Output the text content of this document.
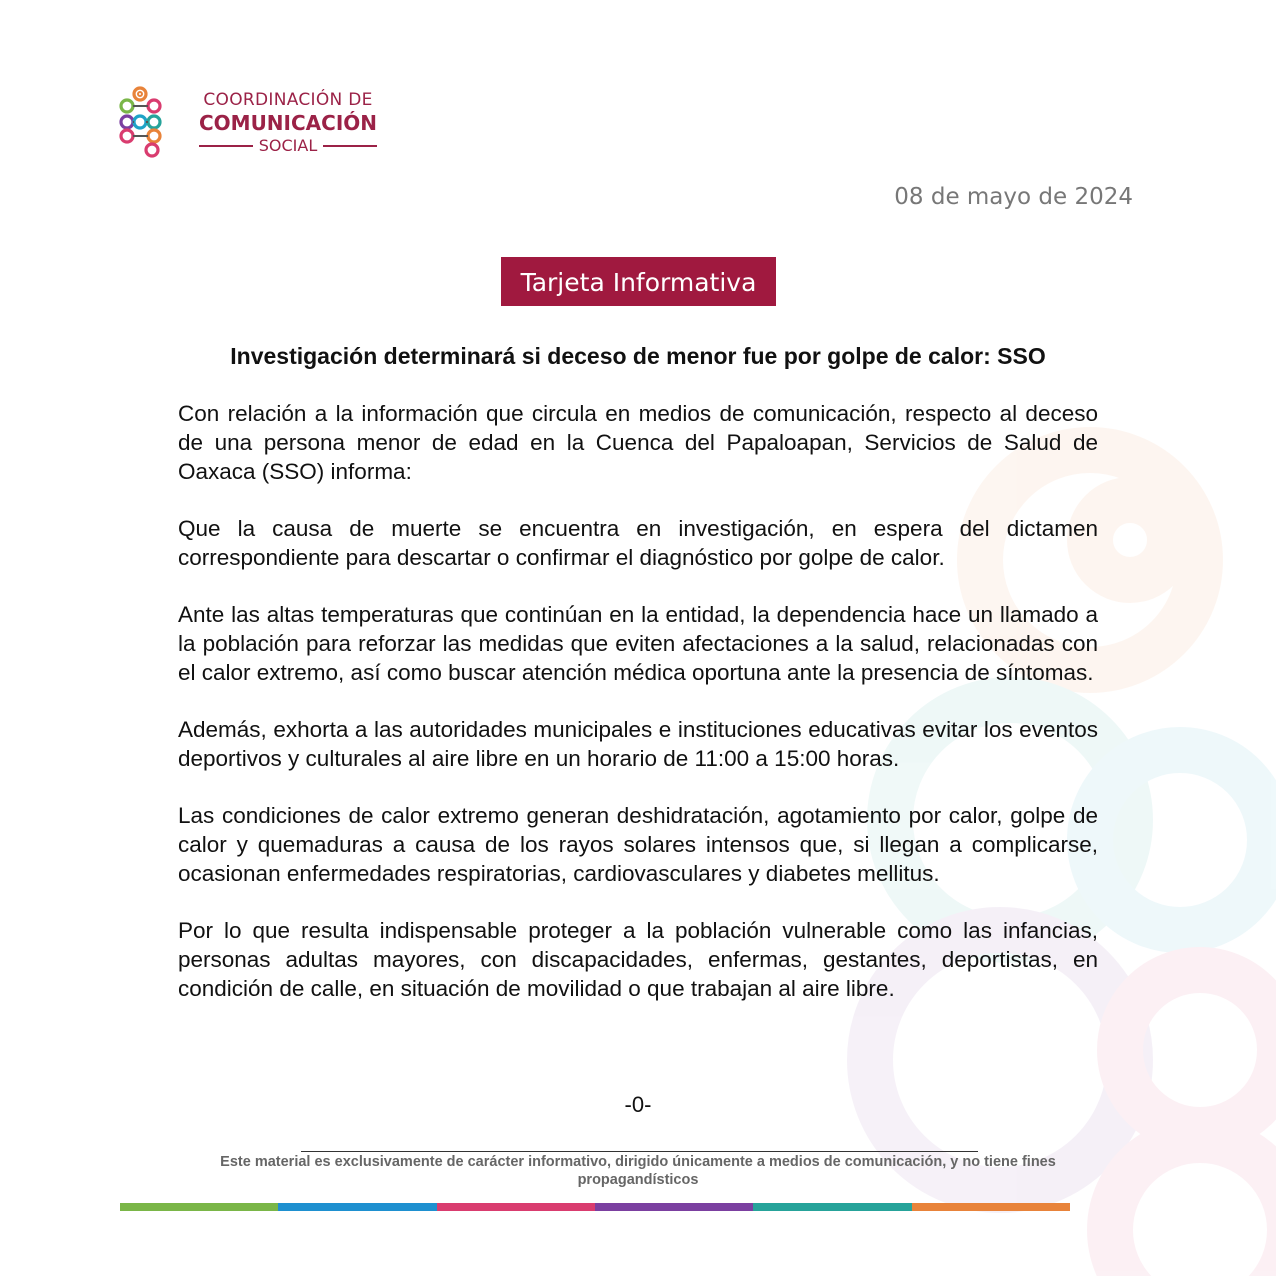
COORDINACIÓN DE
COMUNICACIÓN
SOCIAL
08 de mayo de 2024
Tarjeta Informativa
Investigación determinará si deceso de menor fue por golpe de calor: SSO

Con relación a la información que circula en medios de comunicación, respecto al deceso de una persona menor de edad en la Cuenca del Papaloapan, Servicios de Salud de Oaxaca (SSO) informa:

Que la causa de muerte se encuentra en investigación, en espera del dictamen correspondiente para descartar o confirmar el diagnóstico por golpe de calor.

Ante las altas temperaturas que continúan en la entidad, la dependencia hace un llamado a la población para reforzar las medidas que eviten afectaciones a la salud, relacionadas con el calor extremo, así como buscar atención médica oportuna ante la presencia de síntomas.

Además, exhorta a las autoridades municipales e instituciones educativas evitar los eventos deportivos y culturales al aire libre en un horario de 11:00 a 15:00 horas.

Las condiciones de calor extremo generan deshidratación, agotamiento por calor, golpe de calor y quemaduras a causa de los rayos solares intensos que, si llegan a complicarse, ocasionan enfermedades respiratorias, cardiovasculares y diabetes mellitus.

Por lo que resulta indispensable proteger a la población vulnerable como las infancias, personas adultas mayores, con discapacidades, enfermas, gestantes, deportistas, en condición de calle, en situación de movilidad o que trabajan al aire libre.

-0-
Este material es exclusivamente de carácter informativo, dirigido únicamente a medios de comunicación, y no tiene fines
propagandísticos
